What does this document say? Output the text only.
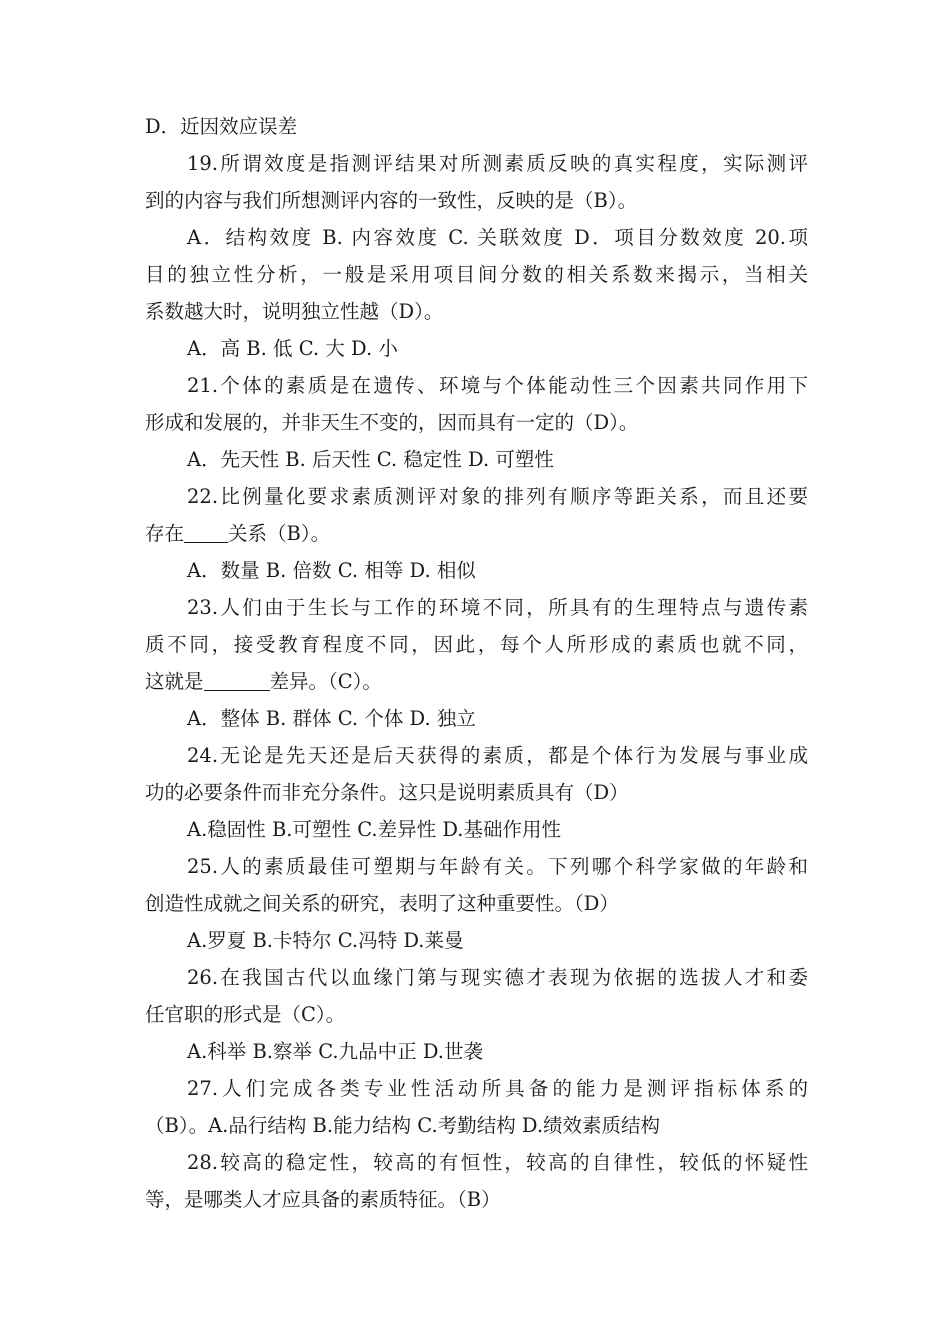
D．近因效应误差

19.所谓效度是指测评结果对所测素质反映的真实程度，实际测评

到的内容与我们所想测评内容的一致性，反映的是（B）。

A．结构效度 B. 内容效度 C. 关联效度 D．项目分数效度 20.项

目的独立性分析，一般是采用项目间分数的相关系数来揭示，当相关

系数越大时，说明独立性越（D）。

A．高 B. 低 C. 大 D. 小

21.个体的素质是在遗传、环境与个体能动性三个因素共同作用下

形成和发展的，并非天生不变的，因而具有一定的（D）。

A．先天性 B. 后天性 C. 稳定性 D. 可塑性

22.比例量化要求素质测评对象的排列有顺序等距关系，而且还要

存在 关系（B）。

A．数量 B. 倍数 C. 相等 D. 相似

23.人们由于生长与工作的环境不同，所具有的生理特点与遗传素

质不同，接受教育程度不同，因此，每个人所形成的素质也就不同，

这就是	差异。（C）。

A．整体 B. 群体 C. 个体 D. 独立

24.无论是先天还是后天获得的素质，都是个体行为发展与事业成

功的必要条件而非充分条件。这只是说明素质具有（D）

A.稳固性 B.可塑性 C.差异性 D.基础作用性

25.人的素质最佳可塑期与年龄有关。下列哪个科学家做的年龄和

创造性成就之间关系的研究，表明了这种重要性。（D）

A.罗夏 B.卡特尔 C.冯特 D.莱曼

26.在我国古代以血缘门第与现实德才表现为依据的选拔人才和委

任官职的形式是（C）。

A.科举 B.察举 C.九品中正 D.世袭

27.人们完成各类专业性活动所具备的能力是测评指标体系的

（B）。A.品行结构 B.能力结构 C.考勤结构 D.绩效素质结构

28.较高的稳定性，较高的有恒性，较高的自律性，较低的怀疑性

等，是哪类人才应具备的素质特征。（B）
